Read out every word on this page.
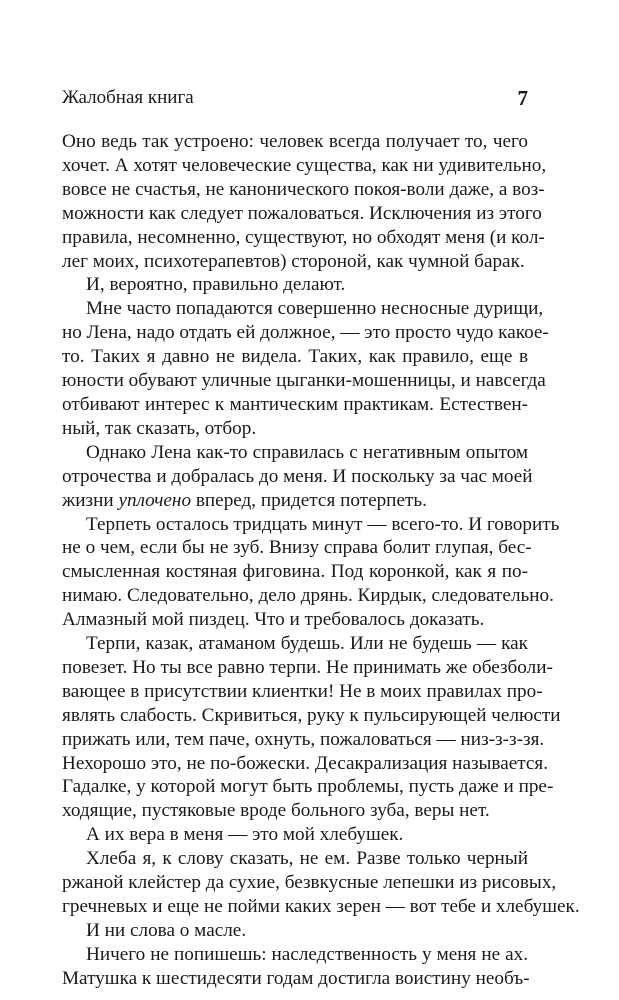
Жалобная книга	7

Оно ведь так устроено: человек всегда получает то, чего
хочет. А хотят человеческие существа, как ни удивительно,
вовсе не счастья, не канонического покоя-воли даже, а воз-
можности как следует пожаловаться. Исключения из этого
правила, несомненно, существуют, но обходят меня (и кол-
лег моих, психотерапевтов) стороной, как чумной барак.

И, вероятно, правильно делают.

Мне часто попадаются совершенно несносные дурищи,
но Лена, надо отдать ей должное, — это просто чудо какое-
то. Таких я давно не видела. Таких, как правило, еще в
юности обувают уличные цыганки-мошенницы, и навсегда
отбивают интерес к мантическим практикам. Естествен-
ный, так сказать, отбор.

Однако Лена как-то справилась с негативным опытом
отрочества и добралась до меня. И поскольку за час моей
жизни уплочено вперед, придется потерпеть.

Терпеть осталось тридцать минут — всего-то. И говорить
не о чем, если бы не зуб. Внизу справа болит глупая, бес-
смысленная костяная фиговина. Под коронкой, как я по-
нимаю. Следовательно, дело дрянь. Кирдык, следовательно.
Алмазный мой пиздец. Что и требовалось доказать.

Терпи, казак, атаманом будешь. Или не будешь — как
повезет. Но ты все равно терпи. Не принимать же обезболи-
вающее в присутствии клиентки! Не в моих правилах про-
являть слабость. Скривиться, руку к пульсирующей челюсти
прижать или, тем паче, охнуть, пожаловаться — низ-з-з-зя.
Нехорошо это, не по-божески. Десакрализация называется.
Гадалке, у которой могут быть проблемы, пусть даже и пре-
ходящие, пустяковые вроде больного зуба, веры нет.

А их вера в меня — это мой хлебушек.

Хлеба я, к слову сказать, не ем. Разве только черный
ржаной клейстер да сухие, безвкусные лепешки из рисовых,
гречневых и еще не пойми каких зерен — вот тебе и хлебушек.

И ни слова о масле.

Ничего не попишешь: наследственность у меня не ах.
Матушка к шестидесяти годам достигла воистину необъ-
